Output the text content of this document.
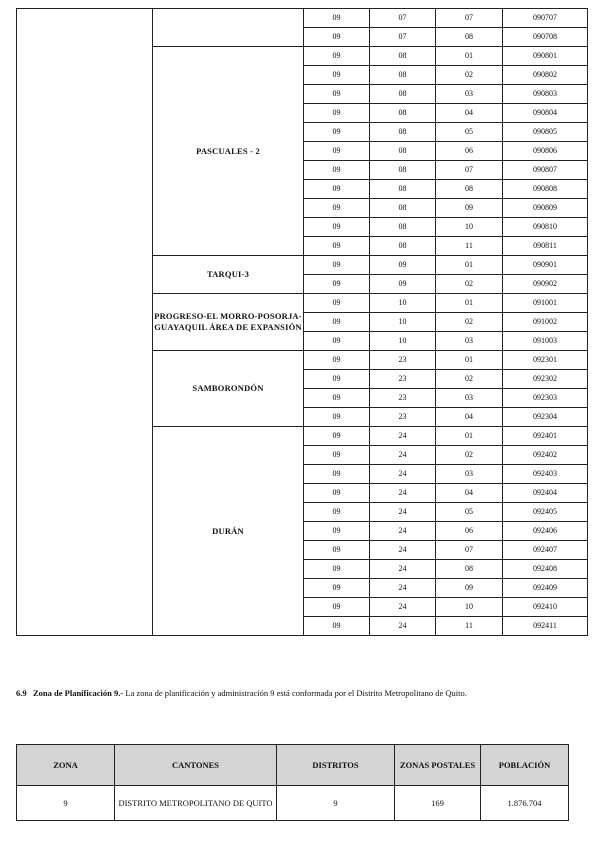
		09	07	07	090707
		09	07	08	090708
	PASCUALES - 2	09	08	01	090801
		09	08	02	090802
		09	08	03	090803
		09	08	04	090804
		09	08	05	090805
		09	08	06	090806
		09	08	07	090807
		09	08	08	090808
		09	08	09	090809
		09	08	10	090810
		09	08	11	090811
	TARQUI-3	09	09	01	090901
		09	09	02	090902
	PROGRESO-EL MORRO-POSORJA-GUAYAQUIL ÁREA DE EXPANSIÓN	09	10	01	091001
		09	10	02	091002
		09	10	03	091003
	SAMBORONDÓN	09	23	01	092301
		09	23	02	092302
		09	23	03	092303
		09	23	04	092304
	DURÁN	09	24	01	092401
		09	24	02	092402
		09	24	03	092403
		09	24	04	092404
		09	24	05	092405
		09	24	06	092406
		09	24	07	092407
		09	24	08	092408
		09	24	09	092409
		09	24	10	092410
		09	24	11	092411

6.9 Zona de Planificación 9.- La zona de planificación y administración 9 está conformada por el Distrito Metropolitano de Quito.

ZONA	CANTONES	DISTRITOS	ZONAS POSTALES	POBLACIÓN
9	DISTRITO METROPOLITANO DE QUITO	9	169	1.876.704
